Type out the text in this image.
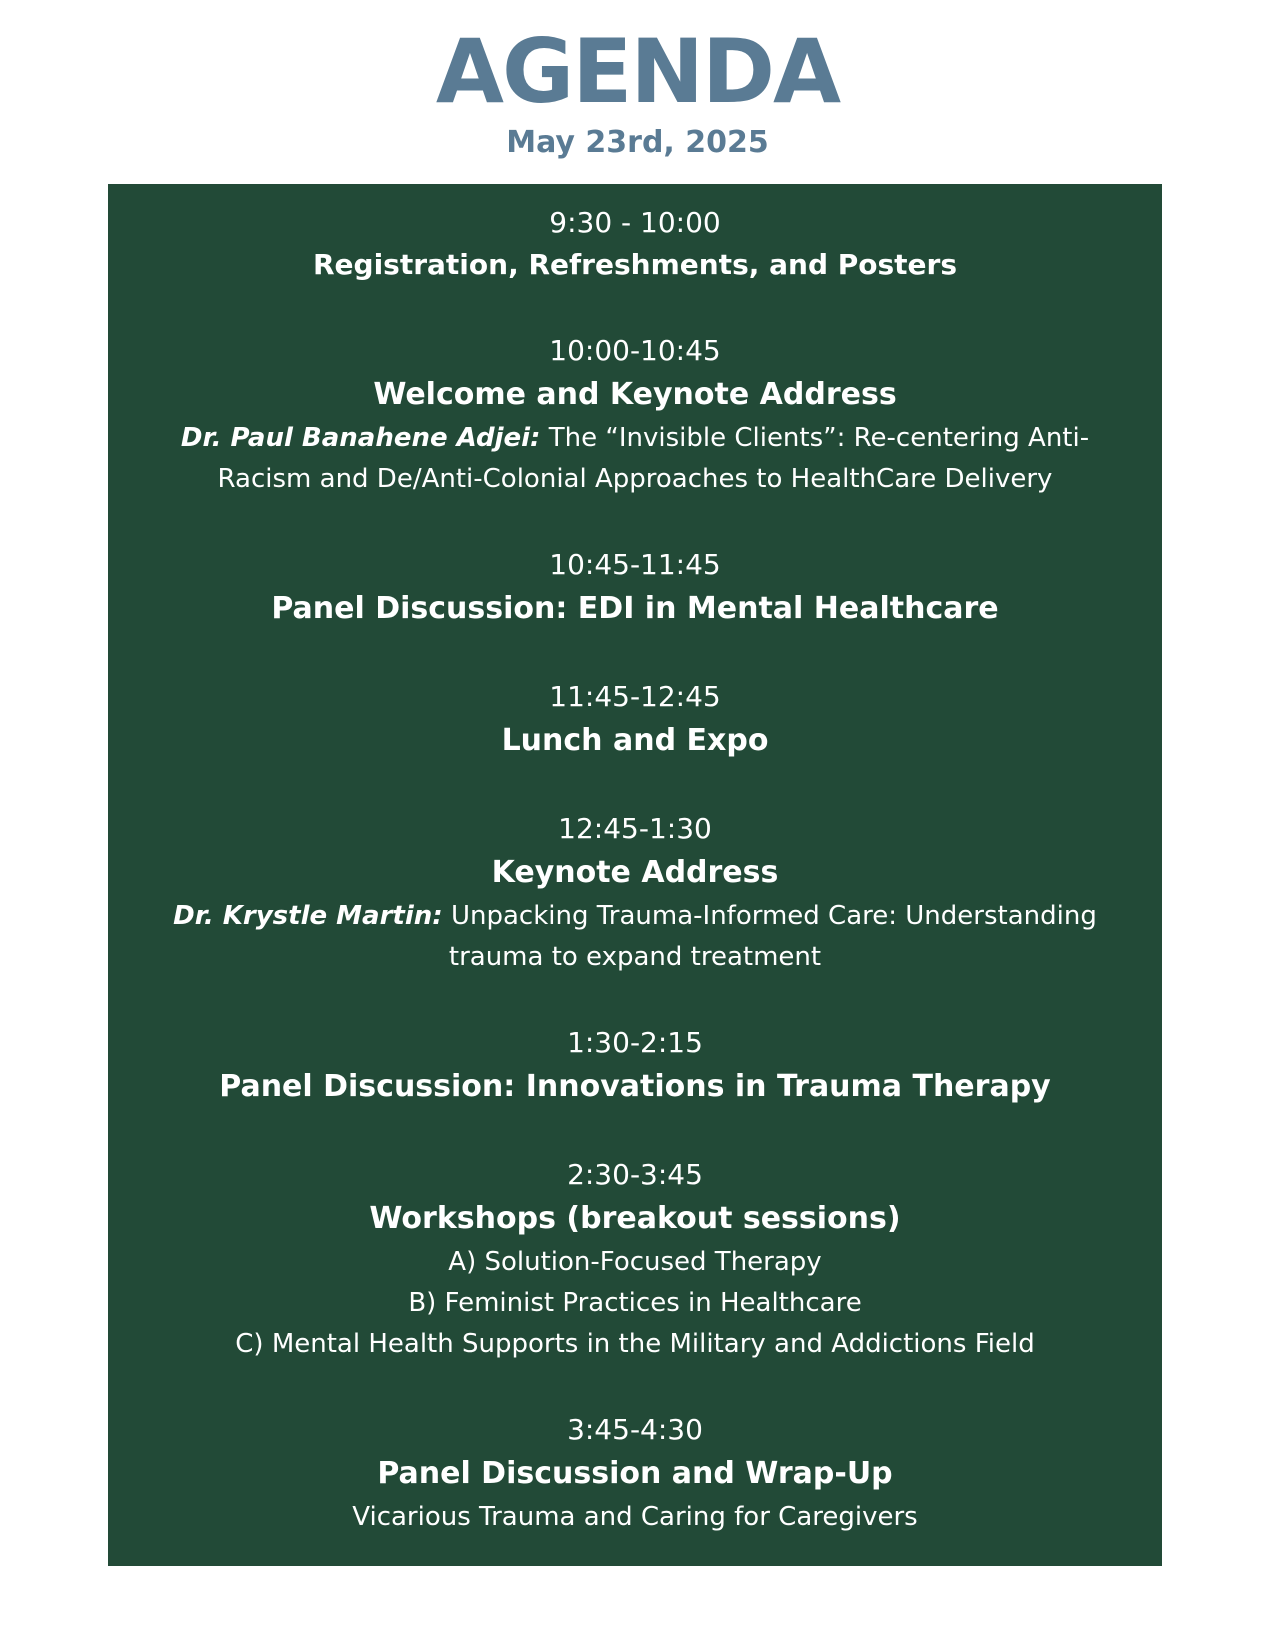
AGENDA
May 23rd, 2025
9:30 - 10:00
Registration, Refreshments, and Posters
10:00-10:45
Welcome and Keynote Address
Dr. Paul Banahene Adjei: The “Invisible Clients”: Re-centering Anti-
Racism and De/Anti-Colonial Approaches to HealthCare Delivery
10:45-11:45
Panel Discussion: EDI in Mental Healthcare
11:45-12:45
Lunch and Expo
12:45-1:30
Keynote Address
Dr. Krystle Martin: Unpacking Trauma-Informed Care: Understanding
trauma to expand treatment
1:30-2:15
Panel Discussion: Innovations in Trauma Therapy
2:30-3:45
Workshops (breakout sessions)
A) Solution-Focused Therapy
B) Feminist Practices in Healthcare
C) Mental Health Supports in the Military and Addictions Field
3:45-4:30
Panel Discussion and Wrap-Up
Vicarious Trauma and Caring for Caregivers
